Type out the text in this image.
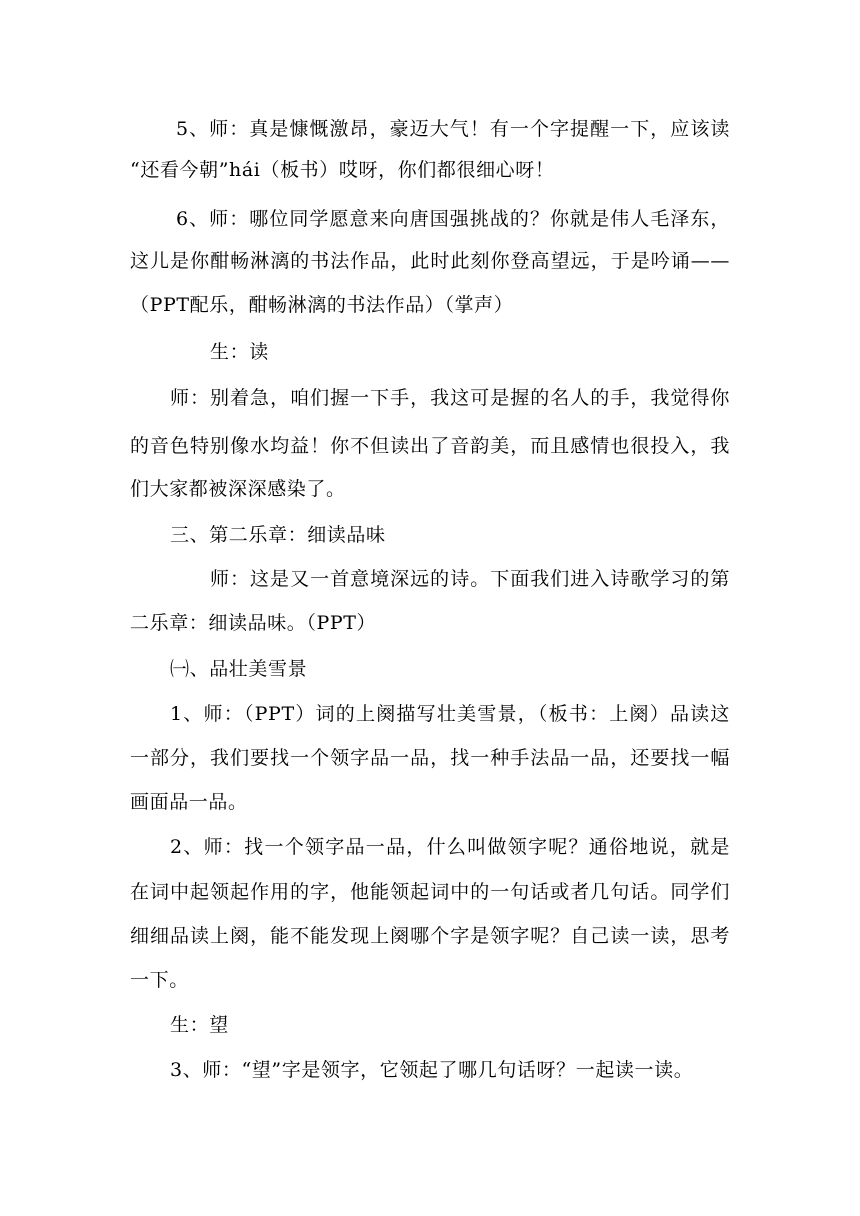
5、师：真是慷慨激昂，豪迈大气！有一个字提醒一下，应该读
“还看今朝”hái（板书）哎呀，你们都很细心呀！
6、师：哪位同学愿意来向唐国强挑战的？你就是伟人毛泽东，
这儿是你酣畅淋漓的书法作品，此时此刻你登高望远，于是吟诵——
（PPT配乐，酣畅淋漓的书法作品）（掌声）
生：读
师：别着急，咱们握一下手，我这可是握的名人的手，我觉得你
的音色特别像水均益！你不但读出了音韵美，而且感情也很投入，我
们大家都被深深感染了。
三、第二乐章：细读品味
师：这是又一首意境深远的诗。下面我们进入诗歌学习的第
二乐章：细读品味。（PPT）
㈠、品壮美雪景
1、师：（PPT）词的上阕描写壮美雪景，（板书：上阕）品读这
一部分，我们要找一个领字品一品，找一种手法品一品，还要找一幅
画面品一品。
2、师：找一个领字品一品，什么叫做领字呢？通俗地说，就是
在词中起领起作用的字，他能领起词中的一句话或者几句话。同学们
细细品读上阕，能不能发现上阕哪个字是领字呢？自己读一读，思考
一下。
生：望
3、师：“望”字是领字，它领起了哪几句话呀？一起读一读。
